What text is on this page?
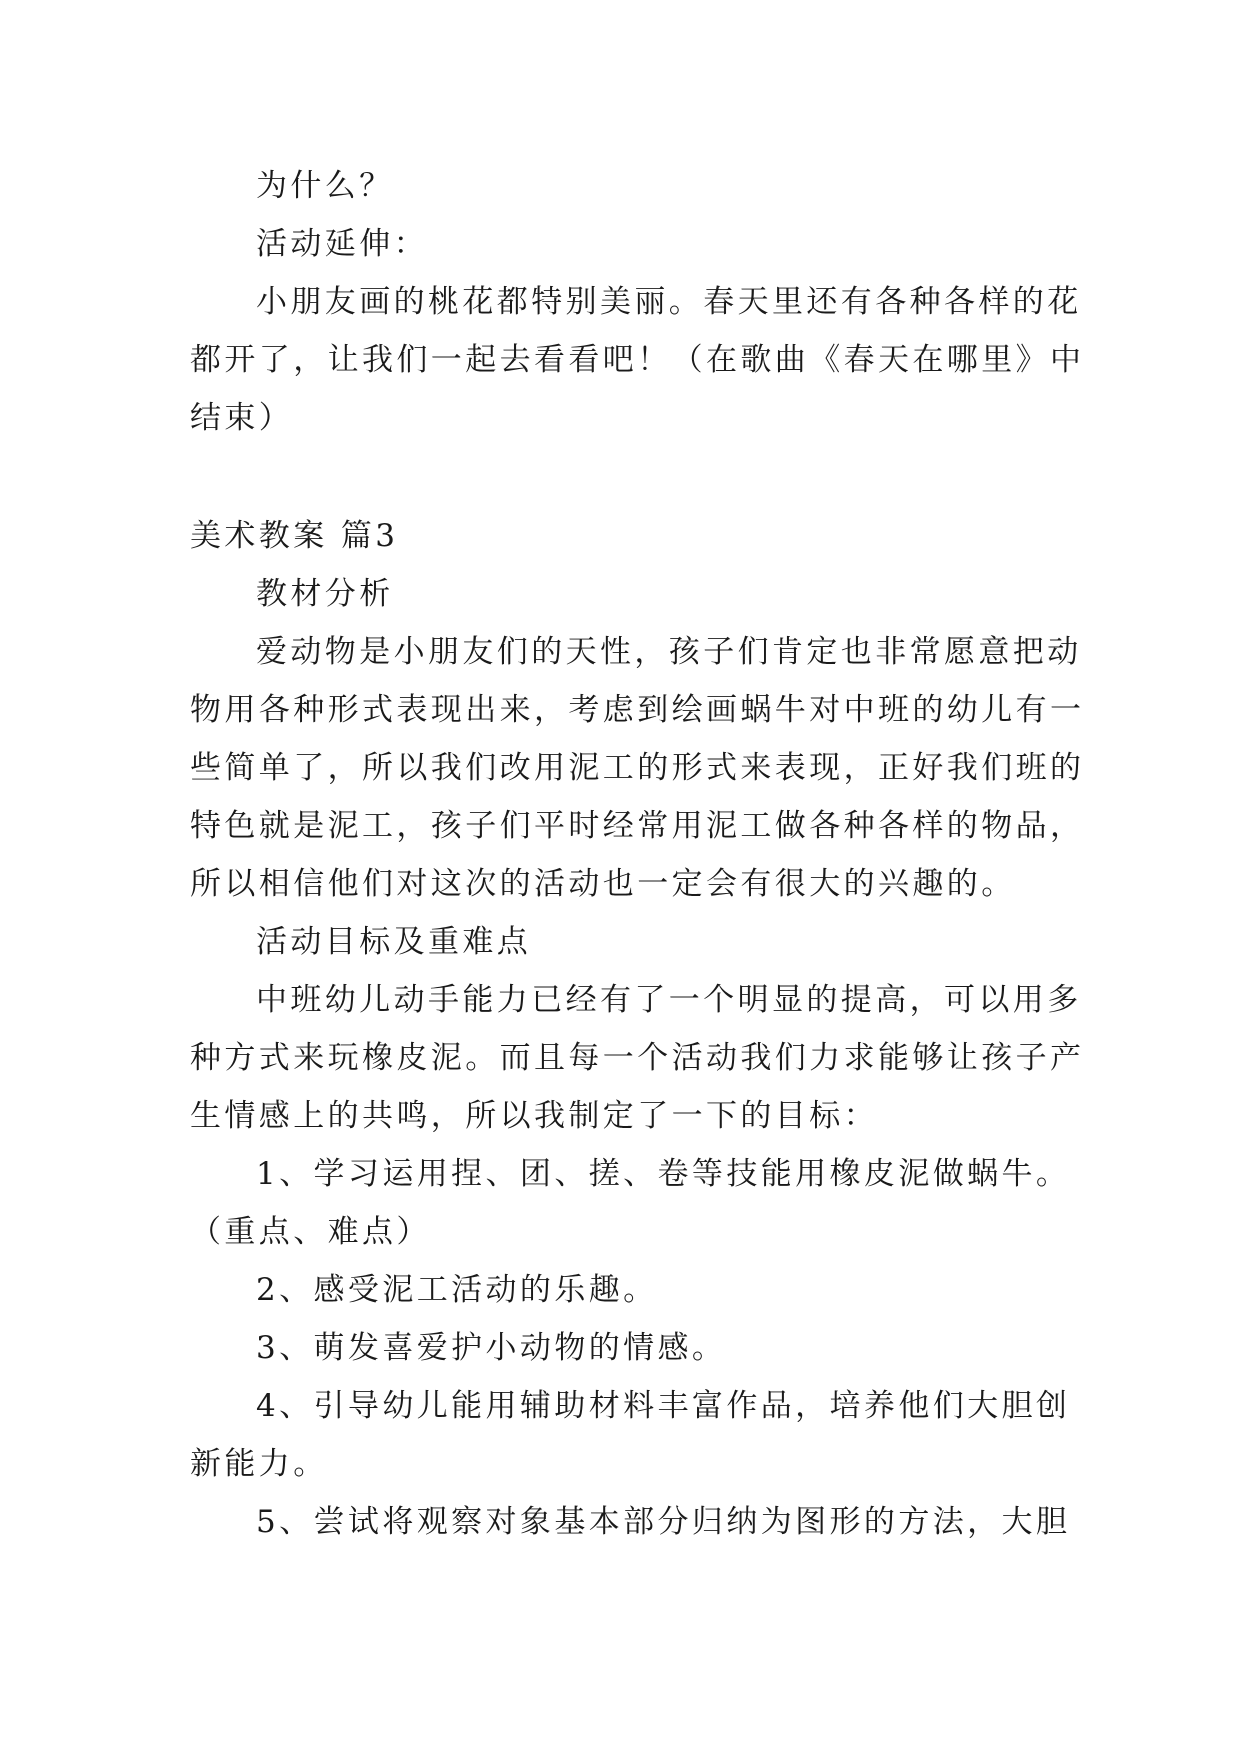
为什么？
活动延伸：
小朋友画的桃花都特别美丽。春天里还有各种各样的花
都开了，让我们一起去看看吧！（在歌曲《春天在哪里》中
结束）
美术教案 篇3
教材分析
爱动物是小朋友们的天性，孩子们肯定也非常愿意把动
物用各种形式表现出来，考虑到绘画蜗牛对中班的幼儿有一
些简单了，所以我们改用泥工的形式来表现，正好我们班的
特色就是泥工，孩子们平时经常用泥工做各种各样的物品，
所以相信他们对这次的活动也一定会有很大的兴趣的。
活动目标及重难点
中班幼儿动手能力已经有了一个明显的提高，可以用多
种方式来玩橡皮泥。而且每一个活动我们力求能够让孩子产
生情感上的共鸣，所以我制定了一下的目标：
1、学习运用捏、团、搓、卷等技能用橡皮泥做蜗牛。
（重点、难点）
2、感受泥工活动的乐趣。
3、萌发喜爱护小动物的情感。
4、引导幼儿能用辅助材料丰富作品，培养他们大胆创
新能力。
5、尝试将观察对象基本部分归纳为图形的方法，大胆
